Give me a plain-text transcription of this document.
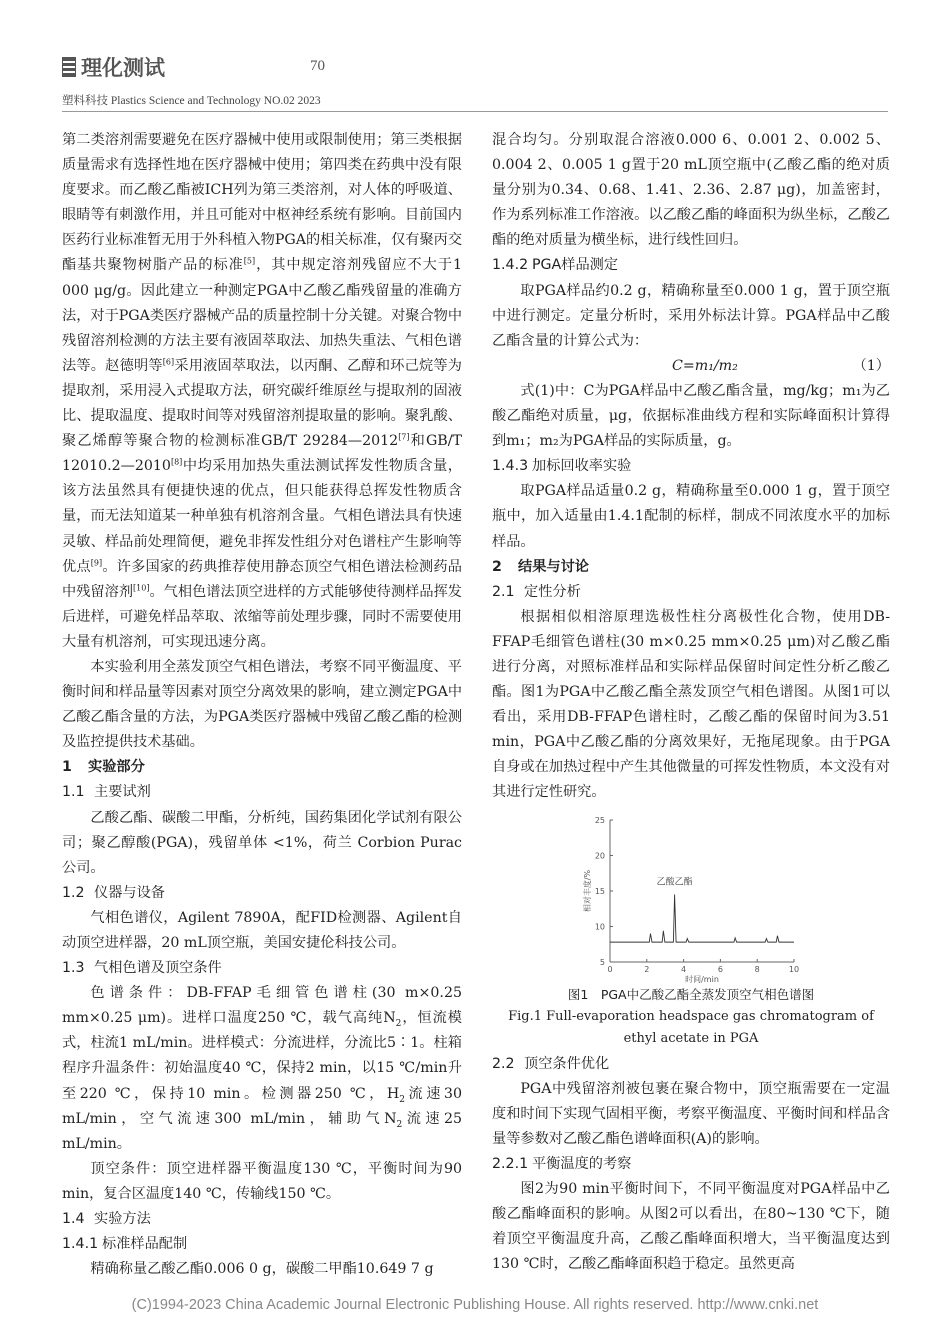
理化测试	70
塑料科技 Plastics Science and Technology NO.02 2023

第二类溶剂需要避免在医疗器械中使用或限制使用；第三类根据质量需求有选择性地在医疗器械中使用；第四类在药典中没有限度要求。而乙酸乙酯被ICH列为第三类溶剂，对人体的呼吸道、眼睛等有刺激作用，并且可能对中枢神经系统有影响。目前国内医药行业标准暂无用于外科植入物PGA的相关标准，仅有聚丙交酯基共聚物树脂产品的标准[5]，其中规定溶剂残留应不大于1 000 μg/g。因此建立一种测定PGA中乙酸乙酯残留量的准确方法，对于PGA类医疗器械产品的质量控制十分关键。对聚合物中残留溶剂检测的方法主要有液固萃取法、加热失重法、气相色谱法等。赵德明等[6]采用液固萃取法，以丙酮、乙醇和环己烷等为提取剂，采用浸入式提取方法，研究碳纤维原丝与提取剂的固液比、提取温度、提取时间等对残留溶剂提取量的影响。聚乳酸、聚乙烯醇等聚合物的检测标准GB/T 29284—2012[7]和GB/T 12010.2—2010[8]中均采用加热失重法测试挥发性物质含量，该方法虽然具有便捷快速的优点，但只能获得总挥发性物质含量，而无法知道某一种单独有机溶剂含量。气相色谱法具有快速灵敏、样品前处理简便，避免非挥发性组分对色谱柱产生影响等优点[9]。许多国家的药典推荐使用静态顶空气相色谱法检测药品中残留溶剂[10]。气相色谱法顶空进样的方式能够使待测样品挥发后进样，可避免样品萃取、浓缩等前处理步骤，同时不需要使用大量有机溶剂，可实现迅速分离。

本实验利用全蒸发顶空气相色谱法，考察不同平衡温度、平衡时间和样品量等因素对顶空分离效果的影响，建立测定PGA中乙酸乙酯含量的方法，为PGA类医疗器械中残留乙酸乙酯的检测及监控提供技术基础。

1 实验部分
1.1 主要试剂

乙酸乙酯、碳酸二甲酯，分析纯，国药集团化学试剂有限公司；聚乙醇酸(PGA)，残留单体 <1%，荷兰 Corbion Purac公司。

1.2 仪器与设备

气相色谱仪，Agilent 7890A，配FID检测器、Agilent自动顶空进样器，20 mL顶空瓶，美国安捷伦科技公司。

1.3 气相色谱及顶空条件

色谱条件：DB-FFAP毛细管色谱柱(30 m×0.25 mm×0.25 μm)。进样口温度250 ℃，载气高纯$N_2$，恒流模式，柱流1 mL/min。进样模式：分流进样，分流比5∶1。柱箱程序升温条件：初始温度40 ℃，保持2 min，以15 ℃/min升至220 ℃，保持10 min。检测器250 ℃，$H_2$流速30 mL/min，空气流速300 mL/min，辅助气$N_2$流速25 mL/min。

顶空条件：顶空进样器平衡温度130 ℃，平衡时间为90 min，复合区温度140 ℃，传输线150 ℃。

1.4 实验方法
1.4.1 标准样品配制

精确称量乙酸乙酯0.006 0 g，碳酸二甲酯10.649 7 g

混合均匀。分别取混合溶液0.000 6、0.001 2、0.002 5、0.004 2、0.005 1 g置于20 mL顶空瓶中(乙酸乙酯的绝对质量分别为0.34、0.68、1.41、2.36、2.87 μg)，加盖密封，作为系列标准工作溶液。以乙酸乙酯的峰面积为纵坐标，乙酸乙酯的绝对质量为横坐标，进行线性回归。

1.4.2 PGA样品测定

取PGA样品约0.2 g，精确称量至0.000 1 g，置于顶空瓶中进行测定。定量分析时，采用外标法计算。PGA样品中乙酸乙酯含量的计算公式为：

C=m₁/m₂	（1）

式(1)中：C为PGA样品中乙酸乙酯含量，mg/kg；m₁为乙酸乙酯绝对质量，μg，依据标准曲线方程和实际峰面积计算得到m₁；m₂为PGA样品的实际质量，g。

1.4.3 加标回收率实验

取PGA样品适量0.2 g，精确称量至0.000 1 g，置于顶空瓶中，加入适量由1.4.1配制的标样，制成不同浓度水平的加标样品。

2 结果与讨论
2.1 定性分析

根据相似相溶原理选极性柱分离极性化合物，使用DB-FFAP毛细管色谱柱(30 m×0.25 mm×0.25 μm)对乙酸乙酯进行分离，对照标准样品和实际样品保留时间定性分析乙酸乙酯。图1为PGA中乙酸乙酯全蒸发顶空气相色谱图。从图1可以看出，采用DB-FFAP色谱柱时，乙酸乙酯的保留时间为3.51 min，PGA中乙酸乙酯的分离效果好，无拖尾现象。由于PGA自身或在加热过程中产生其他微量的可挥发性物质，本文没有对其进行定性研究。

5
10
15
20
25
0	2	4	6	8	10
时间/min
相对丰度/%	乙酸乙酯
图1　PGA中乙酸乙酯全蒸发顶空气相色谱图
Fig.1 Full-evaporation headspace gas chromatogram of
ethyl acetate in PGA
2.2 顶空条件优化

PGA中残留溶剂被包裹在聚合物中，顶空瓶需要在一定温度和时间下实现气固相平衡，考察平衡温度、平衡时间和样品含量等参数对乙酸乙酯色谱峰面积(A)的影响。

2.2.1 平衡温度的考察

图2为90 min平衡时间下，不同平衡温度对PGA样品中乙酸乙酯峰面积的影响。从图2可以看出，在80~130 ℃下，随着顶空平衡温度升高，乙酸乙酯峰面积增大，当平衡温度达到130 ℃时，乙酸乙酯峰面积趋于稳定。虽然更高

(C)1994-2023 China Academic Journal Electronic Publishing House. All rights reserved. http://www.cnki.net
